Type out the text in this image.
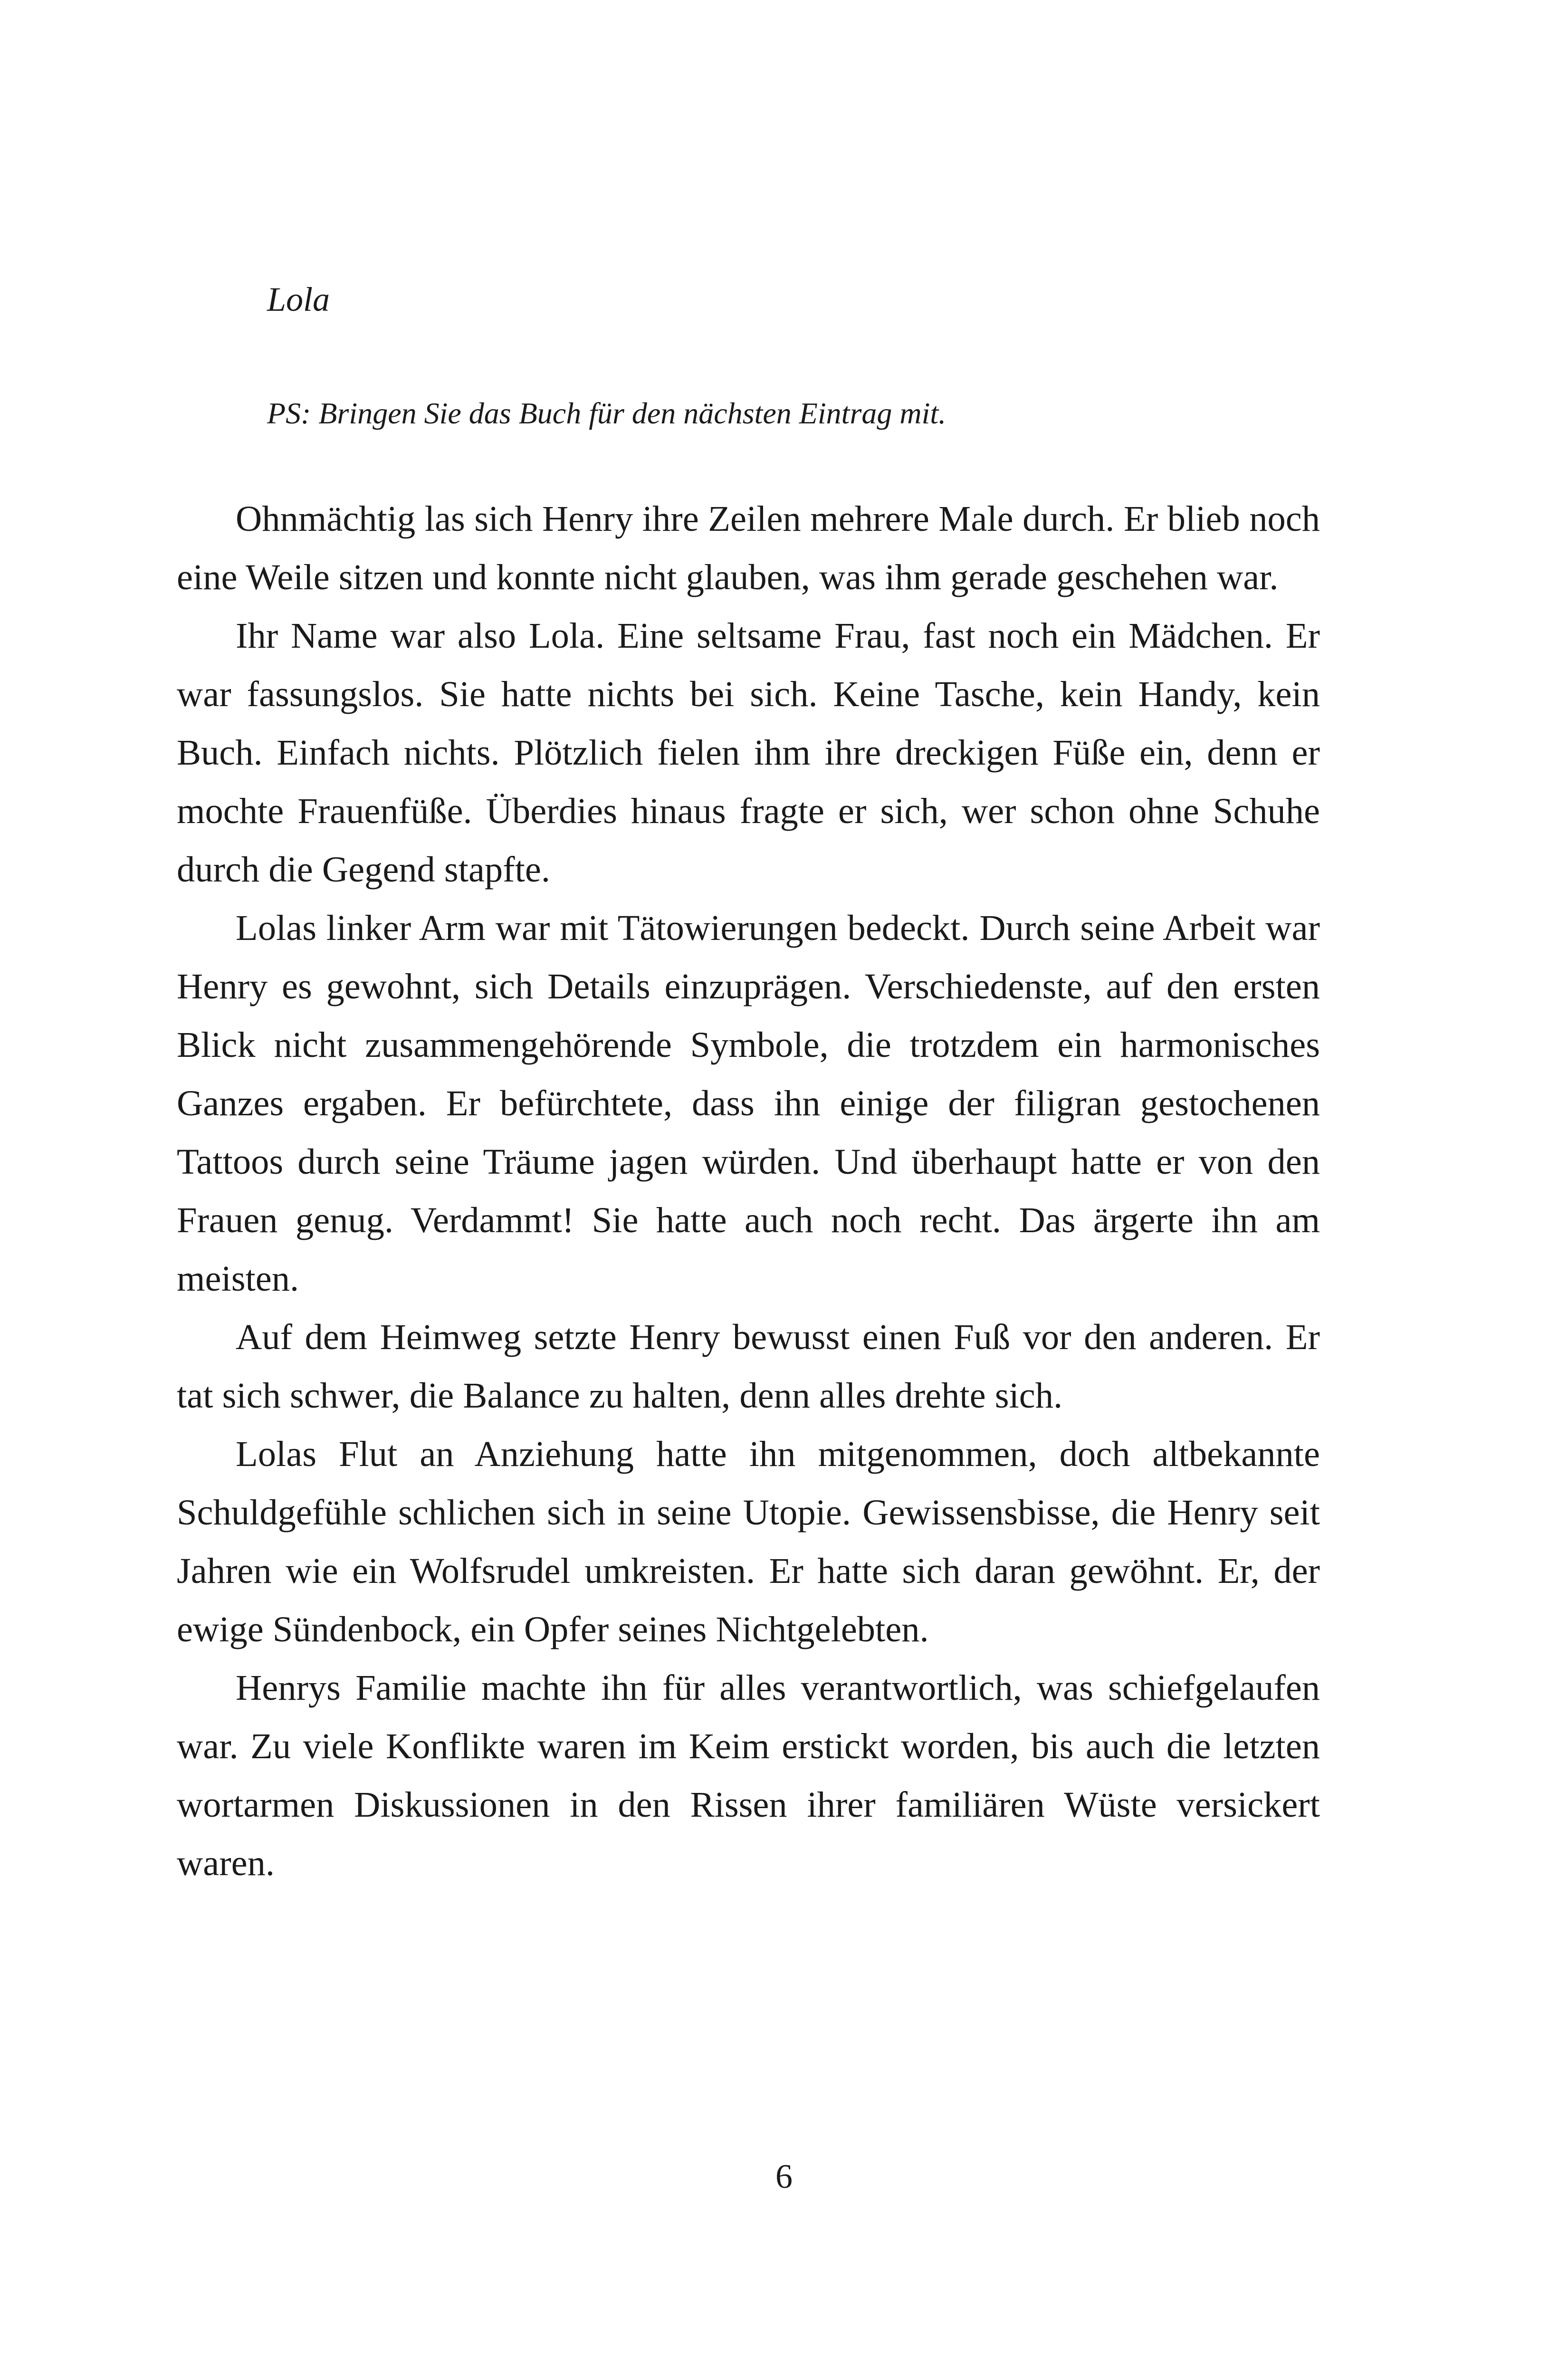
Lola

PS: Bringen Sie das Buch für den nächsten Eintrag mit.

Ohnmächtig las sich Henry ihre Zeilen mehrere Male durch. Er blieb noch eine Weile sitzen und konnte nicht glauben, was ihm gerade geschehen war.

Ihr Name war also Lola. Eine seltsame Frau, fast noch ein Mädchen. Er war fassungslos. Sie hatte nichts bei sich. Keine Tasche, kein Handy, kein Buch. Einfach nichts. Plötzlich fielen ihm ihre dreckigen Füße ein, denn er mochte Frauenfüße. Überdies hinaus fragte er sich, wer schon ohne Schuhe durch die Gegend stapfte.

Lolas linker Arm war mit Tätowierungen bedeckt. Durch seine Arbeit war Henry es gewohnt, sich Details einzuprägen. Verschiedenste, auf den ersten Blick nicht zusammengehörende Symbole, die trotzdem ein harmonisches Ganzes ergaben. Er befürchtete, dass ihn einige der filigran gestochenen Tattoos durch seine Träume jagen würden. Und überhaupt hatte er von den Frauen genug. Verdammt! Sie hatte auch noch recht. Das ärgerte ihn am meisten.

Auf dem Heimweg setzte Henry bewusst einen Fuß vor den anderen. Er tat sich schwer, die Balance zu halten, denn alles drehte sich.

Lolas Flut an Anziehung hatte ihn mitgenommen, doch altbekannte Schuldgefühle schlichen sich in seine Utopie. Gewissensbisse, die Henry seit Jahren wie ein Wolfsrudel umkreisten. Er hatte sich daran gewöhnt. Er, der ewige Sündenbock, ein Opfer seines Nichtgelebten.

Henrys Familie machte ihn für alles verantwortlich, was schiefgelaufen war. Zu viele Konflikte waren im Keim erstickt worden, bis auch die letzten wortarmen Diskussionen in den Rissen ihrer familiären Wüste versickert waren.

6
